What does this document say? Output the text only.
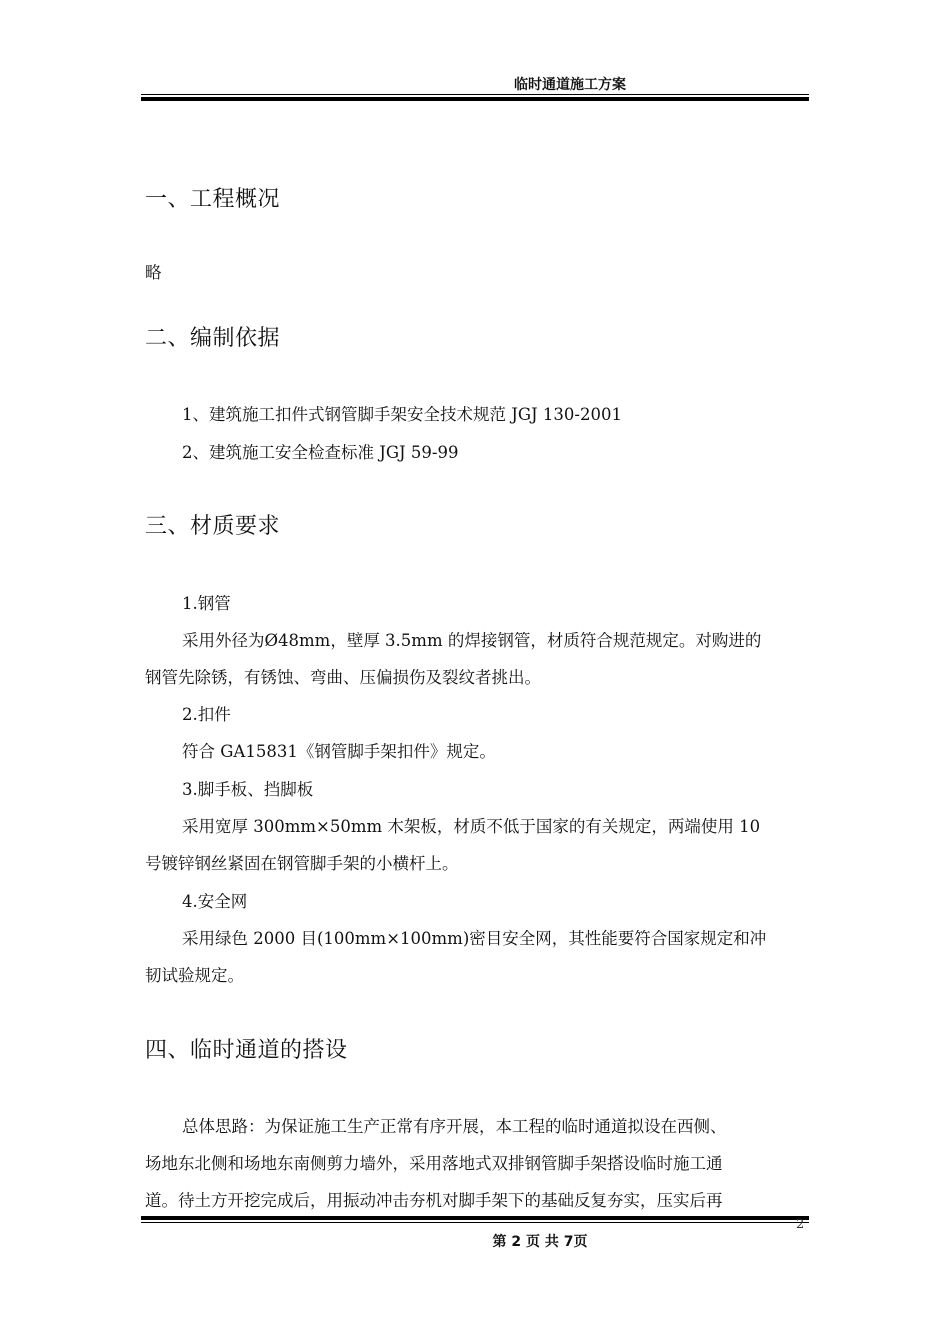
临时通道施工方案
一、工程概况
略
二、编制依据
1、建筑施工扣件式钢管脚手架安全技术规范 JGJ 130-2001
2、建筑施工安全检查标准 JGJ 59-99
三、材质要求
1.钢管
采用外径为Ø48mm，壁厚 3.5mm 的焊接钢管，材质符合规范规定。对购进的
钢管先除锈，有锈蚀、弯曲、压偏损伤及裂纹者挑出。
2.扣件
符合 GA15831《钢管脚手架扣件》规定。
3.脚手板、挡脚板
采用宽厚 300mm×50mm 木架板，材质不低于国家的有关规定，两端使用 10
号镀锌钢丝紧固在钢管脚手架的小横杆上。
4.安全网
采用绿色 2000 目(100mm×100mm)密目安全网，其性能要符合国家规定和冲
韧试验规定。
四、临时通道的搭设
总体思路：为保证施工生产正常有序开展，本工程的临时通道拟设在西侧、
场地东北侧和场地东南侧剪力墙外，采用落地式双排钢管脚手架搭设临时施工通
道。待土方开挖完成后，用振动冲击夯机对脚手架下的基础反复夯实，压实后再
2
第 2 页 共 7页
